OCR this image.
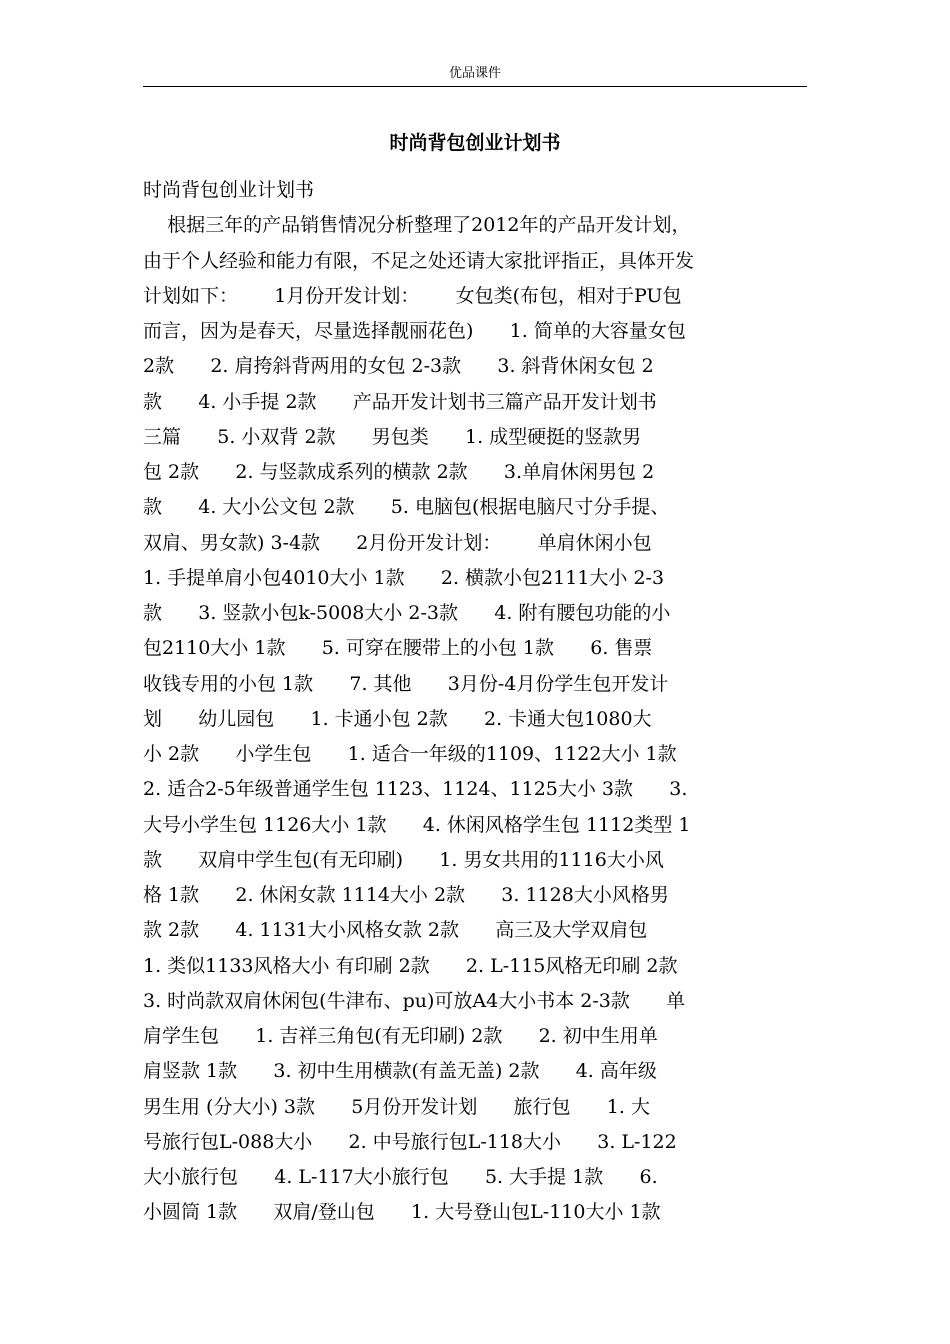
优品课件
时尚背包创业计划书
时尚背包创业计划书
根据三年的产品销售情况分析整理了2012年的产品开发计划，
由于个人经验和能力有限，不足之处还请大家批评指正，具体开发
计划如下：      1月份开发计划：      女包类(布包，相对于PU包
而言，因为是春天，尽量选择靓丽花色)      1. 简单的大容量女包
2款      2. 肩挎斜背两用的女包 2-3款      3. 斜背休闲女包 2
款      4. 小手提 2款      产品开发计划书三篇产品开发计划书
三篇      5. 小双背 2款      男包类      1. 成型硬挺的竖款男
包 2款      2. 与竖款成系列的横款 2款      3.单肩休闲男包 2
款      4. 大小公文包 2款      5. 电脑包(根据电脑尺寸分手提、
双肩、男女款) 3-4款      2月份开发计划：      单肩休闲小包
1. 手提单肩小包4010大小 1款      2. 横款小包2111大小 2-3
款      3. 竖款小包k-5008大小 2-3款      4. 附有腰包功能的小
包2110大小 1款      5. 可穿在腰带上的小包 1款      6. 售票
收钱专用的小包 1款      7. 其他      3月份-4月份学生包开发计
划      幼儿园包      1. 卡通小包 2款      2. 卡通大包1080大
小 2款      小学生包      1. 适合一年级的1109、1122大小 1款
2. 适合2-5年级普通学生包 1123、1124、1125大小 3款      3.
大号小学生包 1126大小 1款      4. 休闲风格学生包 1112类型 1
款      双肩中学生包(有无印刷)      1. 男女共用的1116大小风
格 1款      2. 休闲女款 1114大小 2款      3. 1128大小风格男
款 2款      4. 1131大小风格女款 2款      高三及大学双肩包
1. 类似1133风格大小 有印刷 2款      2. L-115风格无印刷 2款
3. 时尚款双肩休闲包(牛津布、pu)可放A4大小书本 2-3款      单
肩学生包      1. 吉祥三角包(有无印刷) 2款      2. 初中生用单
肩竖款 1款      3. 初中生用横款(有盖无盖) 2款      4. 高年级
男生用 (分大小) 3款      5月份开发计划      旅行包      1. 大
号旅行包L-088大小      2. 中号旅行包L-118大小      3. L-122
大小旅行包      4. L-117大小旅行包      5. 大手提 1款      6.
小圆筒 1款      双肩/登山包      1. 大号登山包L-110大小 1款
